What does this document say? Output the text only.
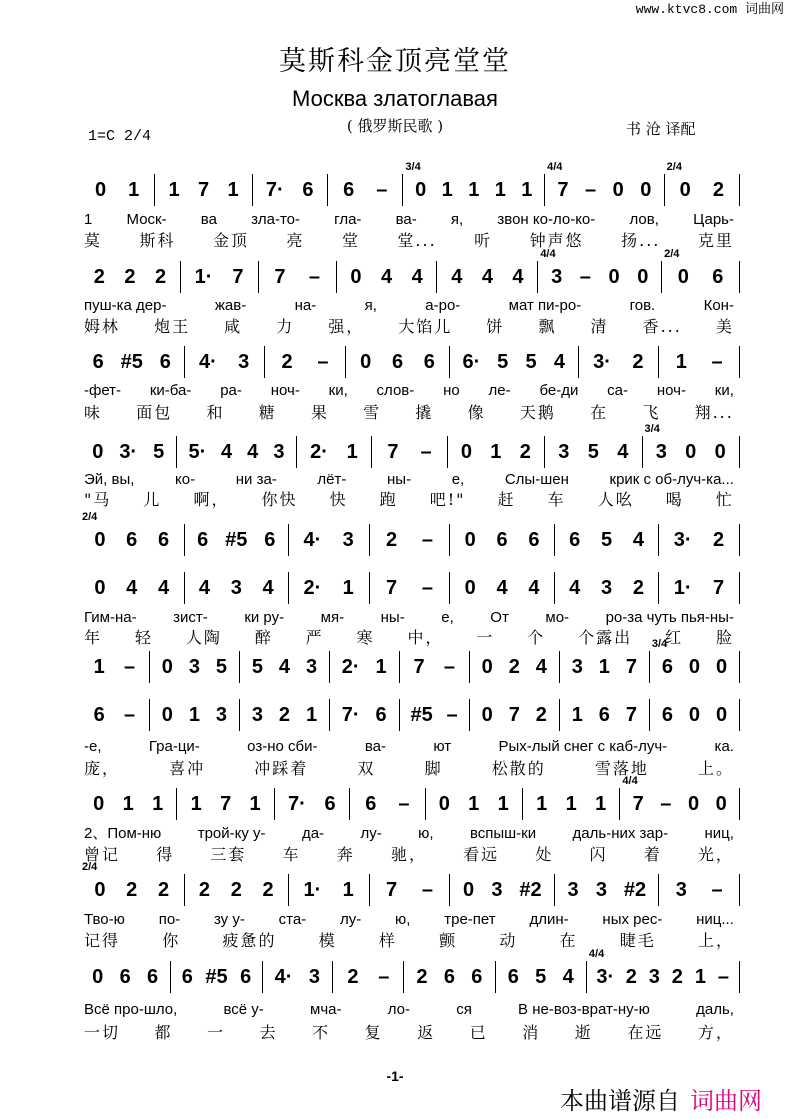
www.ktvc8.com 词曲网
莫斯科金顶亮堂堂
Москва златоглавая
( 俄罗斯民歌 )
1=C 2/4	书 沧 译配
0 1 1 7 1 7· 6 6 –
3/4
0 1 1 1 1
4/4
7 – 0 0
2/4
0 2
1 Моск- ва зла-то- гла- ва- я, звон ко-ло-ко- лов, Царь-
莫 斯科 金顶 亮 堂 堂... 听 钟声悠 扬... 克里
2 2 2 1· 7 7 – 0 4 4 4 4 4
4/4
3 – 0 0
2/4
0 6
пуш-ка дер-	жав-	на-	я,	а-ро-	мат пи-ро-	гов.	Кон-
姆林 炮王 咸 力 强， 大馅儿 饼 飘 清 香... 美
6 #5 6 4· 3 2 – 0 6 6 6· 5 5 4 3· 2 1 –
-фет- ки-ба- ра- ноч- ки, слов- но ле- бе-ди са- ноч- ки,
味 面包 和 糖 果 雪 撬 像 天鹅 在 飞 翔...
0 3· 5 5· 4 4 3 2· 1 7 – 0 1 2 3 5 4
3/4
3 0 0
Эй, вы,	ко-	ни за-	лёт-	ны-	е,	Слы-шен	крик с об-луч-ка...
"马 儿 啊， 你快 快 跑 吧!" 赶 车 人吆 喝 忙
2/4
0 6 6 6 #5 6 4· 3 2 – 0 6 6 6 5 4 3· 2
0 4 4 4 3 4 2· 1 7 – 0 4 4 4 3 2 1· 7
Гим-на- зист- ки ру- мя- ны- е, От мо- ро-за чуть пья-ны-
年 轻 人陶 醉 严 寒 中， 一 个 个露出 红 脸
1 – 0 3 5 5 4 3 2· 1 7 – 0 2 4 3 1 7
3/4
6 0 0
6 – 0 1 3 3 2 1 7· 6 #5 – 0 7 2 1 6 7 6 0 0
-е,	Гра-ци-	оз-но сби-	ва-	ют	Рых-лый снег с каб-луч-	ка.
庞，	喜冲	冲踩着	双	脚	松散的	雪落地	上。
0 1 1 1 7 1 7· 6 6 – 0 1 1 1 1 1
4/4
7 – 0 0
2、Пом-ню трой-ку у- да- лу- ю, вспыш-ки даль-них зар- ниц,
曾记 得 三套 车 奔 驰， 看远 处 闪 着 光，
2/4
0 2 2 2 2 2 1· 1 7 – 0 3 #2 3 3 #2 3 –
Тво-ю по- зу у- ста- лу- ю, тре-пет длин- ных рес- ниц...
记得	你	疲惫的	模	样	颤	动	在	睫毛	上，
0 6 6 6 #5 6 4· 3 2 – 2 6 6 6 5 4
4/4
3· 2 3 2 1 –
Всё про-шло,	всё у-	мча-	ло-	ся	В не-воз-врат-ну-ю	даль,
一切 都 一 去 不 复 返 已 消 逝 在远 方，
-1-
本曲谱源自 词曲网
